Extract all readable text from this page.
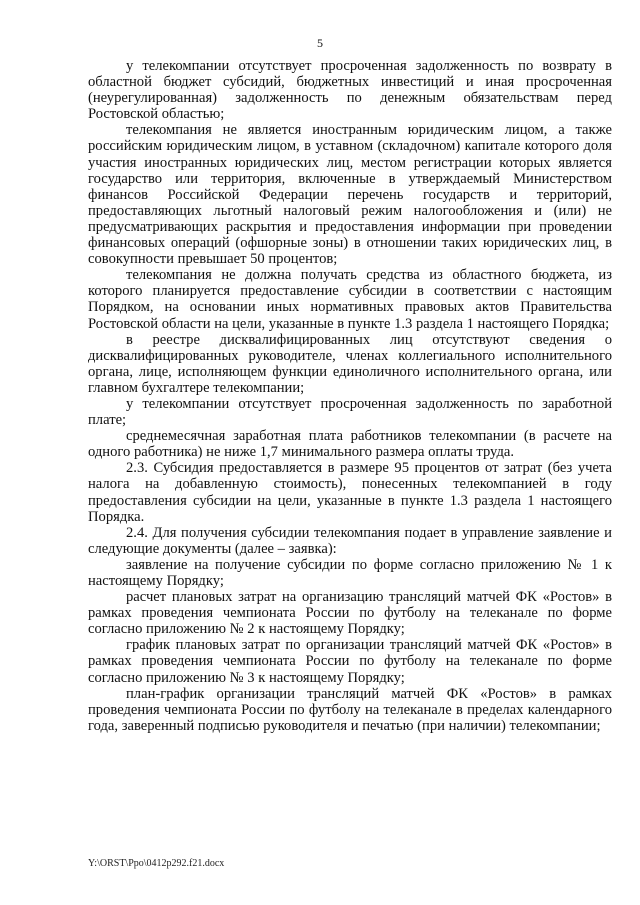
5

у телекомпании отсутствует просроченная задолженность по возврату в областной бюджет субсидий, бюджетных инвестиций и иная просроченная (неурегулированная) задолженность по денежным обязательствам перед Ростовской областью;

телекомпания не является иностранным юридическим лицом, а также российским юридическим лицом, в уставном (складочном) капитале которого доля участия иностранных юридических лиц, местом регистрации которых является государство или территория, включенные в утверждаемый Министерством финансов Российской Федерации перечень государств и территорий, предоставляющих льготный налоговый режим налогообложения и (или) не предусматривающих раскрытия и предоставления информации при проведении финансовых операций (офшорные зоны) в отношении таких юридических лиц, в совокупности превышает 50 процентов;

телекомпания не должна получать средства из областного бюджета, из которого планируется предоставление субсидии в соответствии с настоящим Порядком, на основании иных нормативных правовых актов Правительства Ростовской области на цели, указанные в пункте 1.3 раздела 1 настоящего Порядка;

в реестре дисквалифицированных лиц отсутствуют сведения о дисквалифицированных руководителе, членах коллегиального исполнительного органа, лице, исполняющем функции единоличного исполнительного органа, или главном бухгалтере телекомпании;

у телекомпании отсутствует просроченная задолженность по заработной плате;

среднемесячная заработная плата работников телекомпании (в расчете на одного работника) не ниже 1,7 минимального размера оплаты труда.

2.3. Субсидия предоставляется в размере 95 процентов от затрат (без учета налога на добавленную стоимость), понесенных телекомпанией в году предоставления субсидии на цели, указанные в пункте 1.3 раздела 1 настоящего Порядка.

2.4. Для получения субсидии телекомпания подает в управление заявление и следующие документы (далее – заявка):

заявление на получение субсидии по форме согласно приложению № 1 к настоящему Порядку;

расчет плановых затрат на организацию трансляций матчей ФК «Ростов» в рамках проведения чемпионата России по футболу на телеканале по форме согласно приложению № 2 к настоящему Порядку;

график плановых затрат по организации трансляций матчей ФК «Ростов» в рамках проведения чемпионата России по футболу на телеканале по форме согласно приложению № 3 к настоящему Порядку;

план-график организации трансляций матчей ФК «Ростов» в рамках проведения чемпионата России по футболу на телеканале в пределах календарного года, заверенный подписью руководителя и печатью (при наличии) телекомпании;

Y:\ORST\Ppo\0412p292.f21.docx
